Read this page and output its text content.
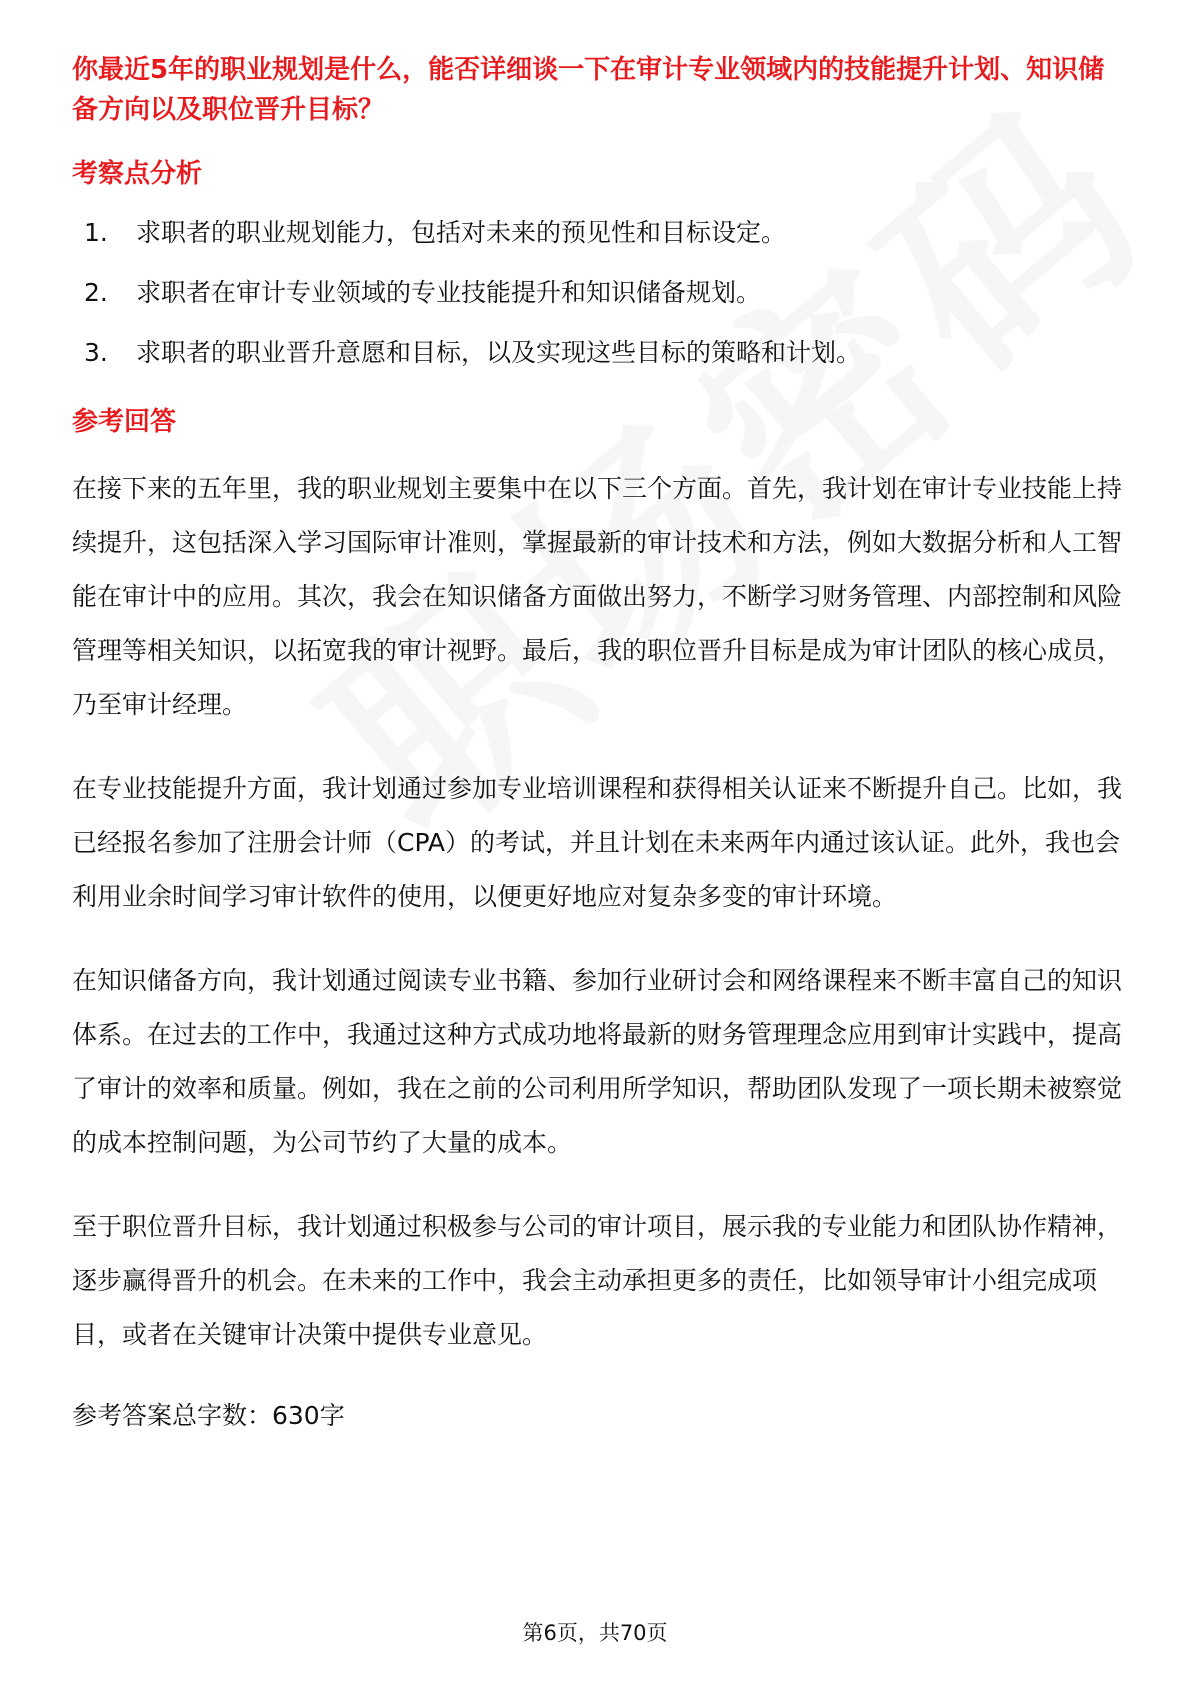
你最近5年的职业规划是什么，能否详细谈一下在审计专业领域内的技能提升计划、知识储备方向以及职位晋升目标？

考察点分析
1.	求职者的职业规划能力，包括对未来的预见性和目标设定。
2.	求职者在审计专业领域的专业技能提升和知识储备规划。
3.	求职者的职业晋升意愿和目标，以及实现这些目标的策略和计划。
参考回答

在接下来的五年里，我的职业规划主要集中在以下三个方面。首先，我计划在审计专业技能上持续提升，这包括深入学习国际审计准则，掌握最新的审计技术和方法，例如大数据分析和人工智能在审计中的应用。其次，我会在知识储备方面做出努力，不断学习财务管理、内部控制和风险管理等相关知识，以拓宽我的审计视野。最后，我的职位晋升目标是成为审计团队的核心成员，乃至审计经理。

在专业技能提升方面，我计划通过参加专业培训课程和获得相关认证来不断提升自己。比如，我已经报名参加了注册会计师（CPA）的考试，并且计划在未来两年内通过该认证。此外，我也会利用业余时间学习审计软件的使用，以便更好地应对复杂多变的审计环境。

在知识储备方向，我计划通过阅读专业书籍、参加行业研讨会和网络课程来不断丰富自己的知识体系。在过去的工作中，我通过这种方式成功地将最新的财务管理理念应用到审计实践中，提高了审计的效率和质量。例如，我在之前的公司利用所学知识，帮助团队发现了一项长期未被察觉的成本控制问题，为公司节约了大量的成本。

至于职位晋升目标，我计划通过积极参与公司的审计项目，展示我的专业能力和团队协作精神，逐步赢得晋升的机会。在未来的工作中，我会主动承担更多的责任，比如领导审计小组完成项目，或者在关键审计决策中提供专业意见。

参考答案总字数：630字
第6页，共70页
